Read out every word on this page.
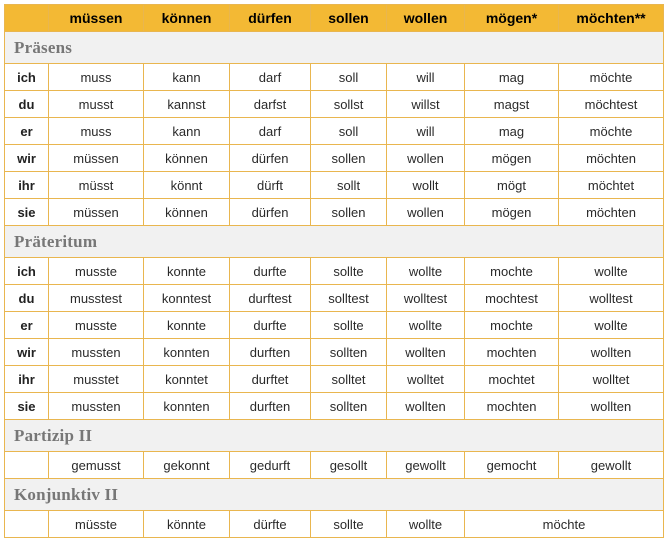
	müssen	können	dürfen	sollen	wollen	mögen*	möchten**
Präsens							
ich	muss	kann	darf	soll	will	mag	möchte
du	musst	kannst	darfst	sollst	willst	magst	möchtest
er	muss	kann	darf	soll	will	mag	möchte
wir	müssen	können	dürfen	sollen	wollen	mögen	möchten
ihr	müsst	könnt	dürft	sollt	wollt	mögt	möchtet
sie	müssen	können	dürfen	sollen	wollen	mögen	möchten
Präteritum							
ich	musste	konnte	durfte	sollte	wollte	mochte	wollte
du	musstest	konntest	durftest	solltest	wolltest	mochtest	wolltest
er	musste	konnte	durfte	sollte	wollte	mochte	wollte
wir	mussten	konnten	durften	sollten	wollten	mochten	wollten
ihr	musstet	konntet	durftet	solltet	wolltet	mochtet	wolltet
sie	mussten	konnten	durften	sollten	wollten	mochten	wollten
Partizip II							
	gemusst	gekonnt	gedurft	gesollt	gewollt	gemocht	gewollt
Konjunktiv II							
	müsste	könnte	dürfte	sollte	wollte	möchte	
